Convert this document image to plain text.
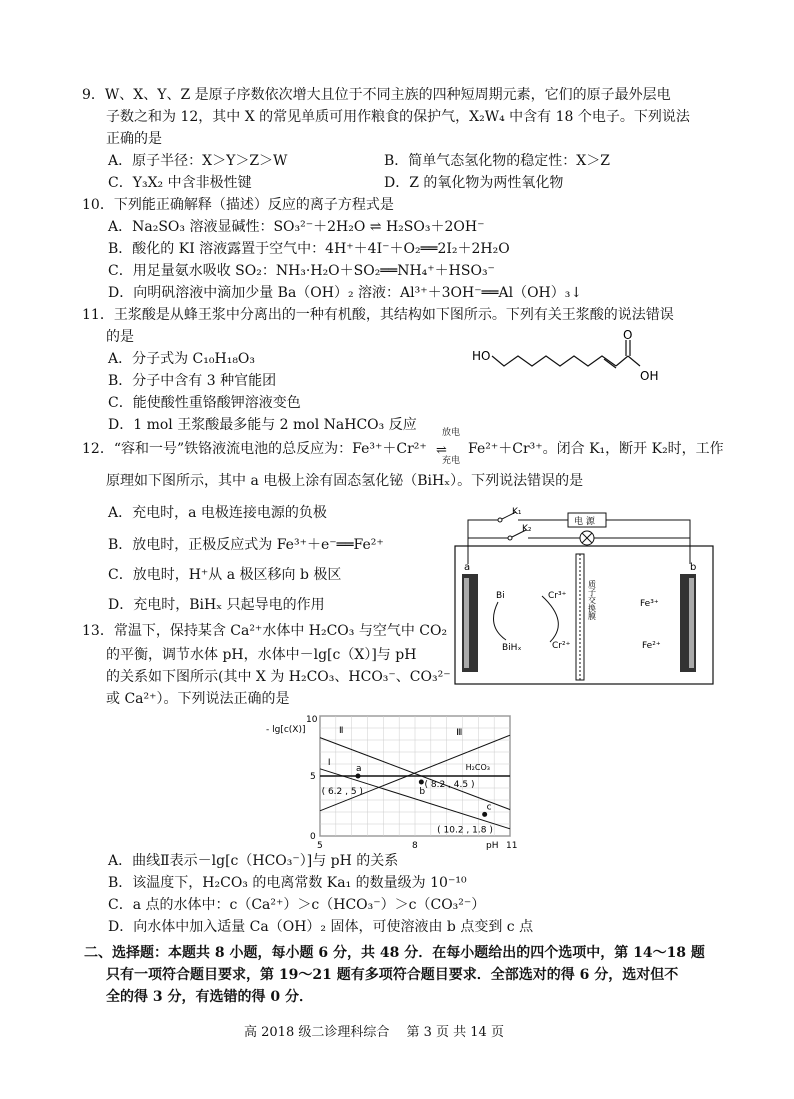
9．W、X、Y、Z 是原子序数依次增大且位于不同主族的四种短周期元素，它们的原子最外层电
子数之和为 12，其中 X 的常见单质可用作粮食的保护气，X₂W₄ 中含有 18 个电子。下列说法
正确的是
A．原子半径：X＞Y＞Z＞W	B．简单气态氢化物的稳定性：X＞Z
C．Y₃X₂ 中含非极性键	D．Z 的氧化物为两性氧化物
10．下列能正确解释（描述）反应的离子方程式是
A．Na₂SO₃ 溶液显碱性：SO₃²⁻＋2H₂O ⇌ H₂SO₃＋2OH⁻
B．酸化的 KI 溶液露置于空气中：4H⁺＋4I⁻＋O₂══2I₂＋2H₂O
C．用足量氨水吸收 SO₂：NH₃·H₂O＋SO₂══NH₄⁺＋HSO₃⁻
D．向明矾溶液中滴加少量 Ba（OH）₂ 溶液：Al³⁺＋3OH⁻══Al（OH）₃↓
11．王浆酸是从蜂王浆中分离出的一种有机酸，其结构如下图所示。下列有关王浆酸的说法错误
的是
A．分子式为 C₁₀H₁₈O₃
B．分子中含有 3 种官能团
C．能使酸性重铬酸钾溶液变色
D．1 mol 王浆酸最多能与 2 mol NaHCO₃ 反应
HO
O
OH
12．“容和一号”铁铬液流电池的总反应为：Fe³⁺＋Cr²⁺
放电
⇌
充电
Fe²⁺＋Cr³⁺。闭合 K₁，断开 K₂时，工作
原理如下图所示，其中 a 电极上涂有固态氢化铋（BiHₓ）。下列说法错误的是
A．充电时，a 电极连接电源的负极
B．放电时，正极反应式为 Fe³⁺＋e⁻══Fe²⁺
C．放电时，H⁺从 a 极区移向 b 极区
D．充电时，BiHₓ 只起导电的作用
电 源
K₁
K₂
a	b
质子交换膜
Bi
BiHₓ
Cr³⁺
Cr²⁺
Fe³⁺
Fe²⁺
13．常温下，保持某含 Ca²⁺水体中 H₂CO₃ 与空气中 CO₂
的平衡，调节水体 pH，水体中－lg[c（X）]与 pH
的关系如下图所示(其中 X 为 H₂CO₃、HCO₃⁻、CO₃²⁻
或 Ca²⁺）。下列说法正确的是
- lg[c(X)]
pH
0
5
10
5	8	11
Ⅰ
Ⅱ	Ⅲ
H₂CO₃
a
b
c
( 6.2 , 5 )
( 8.2 , 4.5 )
( 10.2 , 1.8 )
A．曲线Ⅱ表示－lg[c（HCO₃⁻）]与 pH 的关系
B．该温度下，H₂CO₃ 的电离常数 Ka₁ 的数量级为 10⁻¹⁰
C．a 点的水体中：c（Ca²⁺）＞c（HCO₃⁻）＞c（CO₃²⁻）
D．向水体中加入适量 Ca（OH）₂ 固体，可使溶液由 b 点变到 c 点
二、选择题：本题共 8 小题，每小题 6 分，共 48 分．在每小题给出的四个选项中，第 14～18 题
只有一项符合题目要求，第 19～21 题有多项符合题目要求．全部选对的得 6 分，选对但不
全的得 3 分，有选错的得 0 分．
高 2018 级二诊理科综合　 第 3 页 共 14 页
